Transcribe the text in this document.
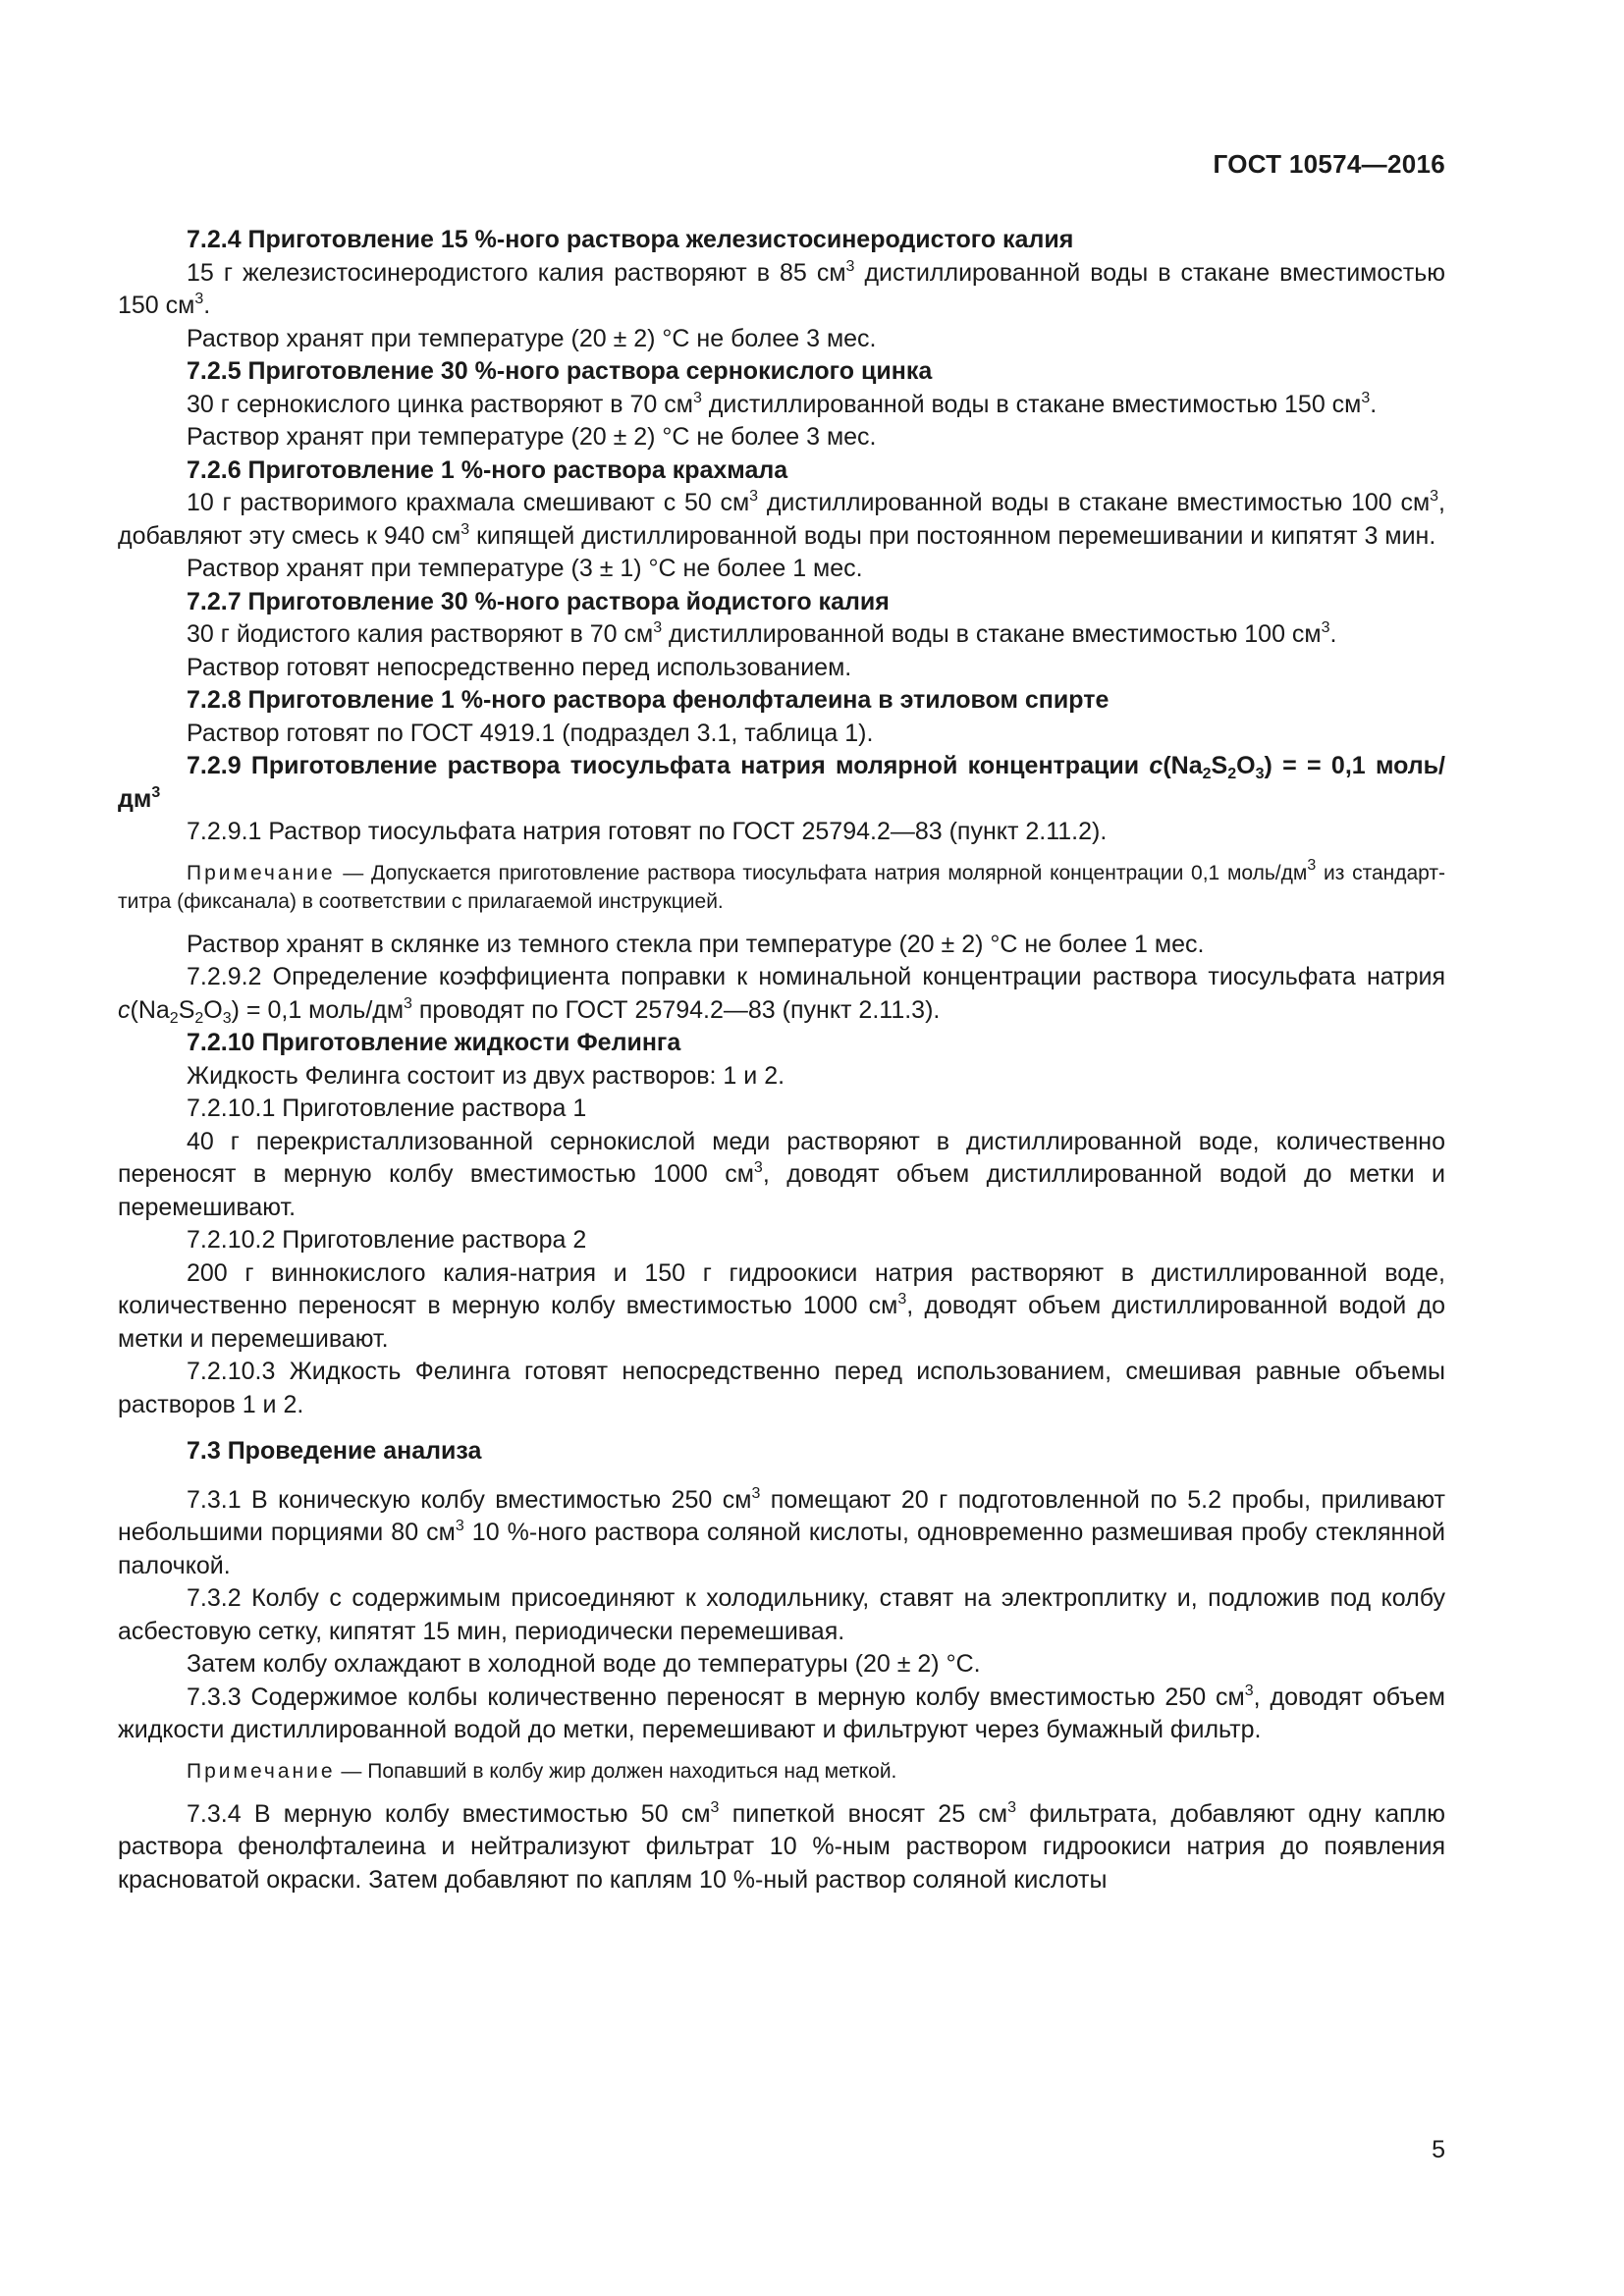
ГОСТ 10574—2016

7.2.4 Приготовление 15 %-ного раствора железистосинеродистого калия

15 г железистосинеродистого калия растворяют в 85 $см^3$ дистиллированной воды в стакане вместимостью 150 $см^3$.

Раствор хранят при температуре (20 ± 2) °С не более 3 мес.

7.2.5 Приготовление 30 %-ного раствора сернокислого цинка

30 г сернокислого цинка растворяют в 70 $см^3$ дистиллированной воды в стакане вместимостью 150 $см^3$.

Раствор хранят при температуре (20 ± 2) °С не более 3 мес.

7.2.6 Приготовление 1 %-ного раствора крахмала

10 г растворимого крахмала смешивают с 50 $см^3$ дистиллированной воды в стакане вместимостью 100 $см^3$, добавляют эту смесь к 940 $см^3$ кипящей дистиллированной воды при постоянном перемешивании и кипятят 3 мин.

Раствор хранят при температуре (3 ± 1) °С не более 1 мес.

7.2.7 Приготовление 30 %-ного раствора йодистого калия

30 г йодистого калия растворяют в 70 $см^3$ дистиллированной воды в стакане вместимостью 100 $см^3$.

Раствор готовят непосредственно перед использованием.

7.2.8 Приготовление 1 %-ного раствора фенолфталеина в этиловом спирте

Раствор готовят по ГОСТ 4919.1 (подраздел 3.1, таблица 1).

7.2.9 Приготовление раствора тиосульфата натрия молярной концентрации $c(Na_2S_2O_3)$ = = 0,1 моль/$дм^3$

7.2.9.1 Раствор тиосульфата натрия готовят по ГОСТ 25794.2—83 (пункт 2.11.2).

Примечание — Допускается приготовление раствора тиосульфата натрия молярной концентрации 0,1 моль/$дм^3$ из стандарт-титра (фиксанала) в соответствии с прилагаемой инструкцией.

Раствор хранят в склянке из темного стекла при температуре (20 ± 2) °С не более 1 мес.

7.2.9.2 Определение коэффициента поправки к номинальной концентрации раствора тиосульфата натрия $c(Na_2S_2O_3) = 0,1$ моль/$дм^3$ проводят по ГОСТ 25794.2—83 (пункт 2.11.3).

7.2.10 Приготовление жидкости Фелинга

Жидкость Фелинга состоит из двух растворов: 1 и 2.

7.2.10.1 Приготовление раствора 1

40 г перекристаллизованной сернокислой меди растворяют в дистиллированной воде, количественно переносят в мерную колбу вместимостью 1000 $см^3$, доводят объем дистиллированной водой до метки и перемешивают.

7.2.10.2 Приготовление раствора 2

200 г виннокислого калия-натрия и 150 г гидроокиси натрия растворяют в дистиллированной воде, количественно переносят в мерную колбу вместимостью 1000 $см^3$, доводят объем дистиллированной водой до метки и перемешивают.

7.2.10.3 Жидкость Фелинга готовят непосредственно перед использованием, смешивая равные объемы растворов 1 и 2.

7.3 Проведение анализа

7.3.1 В коническую колбу вместимостью 250 $см^3$ помещают 20 г подготовленной по 5.2 пробы, приливают небольшими порциями 80 $см^3$ 10 %-ного раствора соляной кислоты, одновременно размешивая пробу стеклянной палочкой.

7.3.2 Колбу с содержимым присоединяют к холодильнику, ставят на электроплитку и, подложив под колбу асбестовую сетку, кипятят 15 мин, периодически перемешивая.

Затем колбу охлаждают в холодной воде до температуры (20 ± 2) °С.

7.3.3 Содержимое колбы количественно переносят в мерную колбу вместимостью 250 $см^3$, доводят объем жидкости дистиллированной водой до метки, перемешивают и фильтруют через бумажный фильтр.

Примечание — Попавший в колбу жир должен находиться над меткой.

7.3.4 В мерную колбу вместимостью 50 $см^3$ пипеткой вносят 25 $см^3$ фильтрата, добавляют одну каплю раствора фенолфталеина и нейтрализуют фильтрат 10 %-ным раствором гидроокиси натрия до появления красноватой окраски. Затем добавляют по каплям 10 %-ный раствор соляной кислоты

5
